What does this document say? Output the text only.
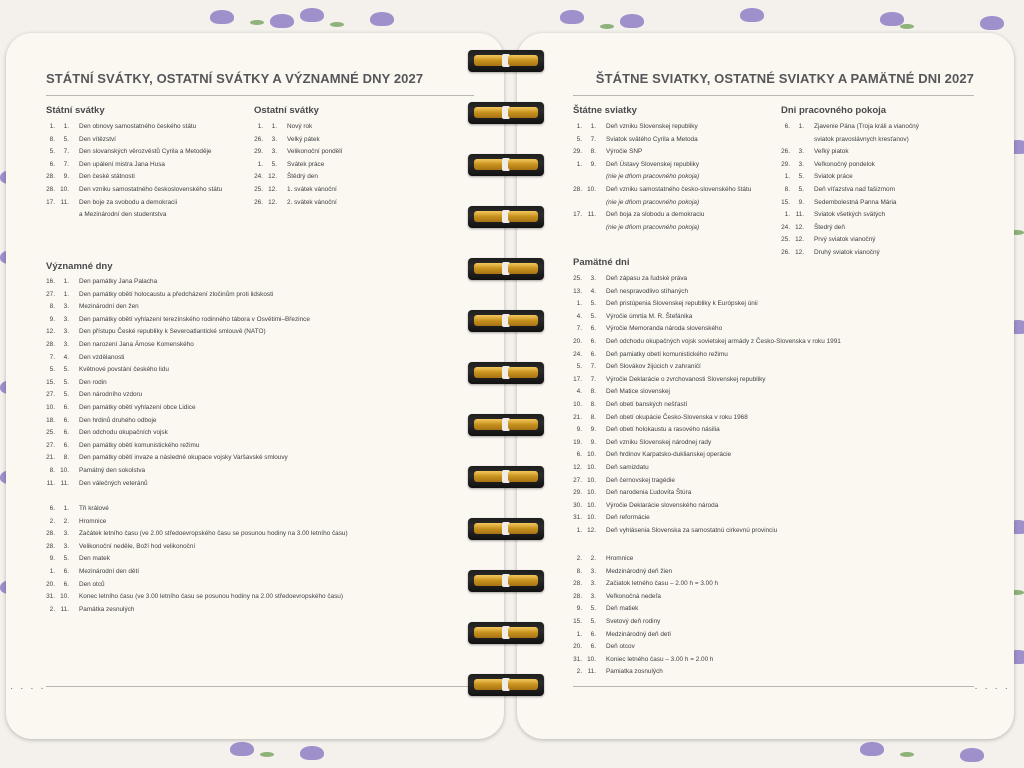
STÁTNÍ SVÁTKY, OSTATNÍ SVÁTKY A VÝZNAMNÉ DNY 2027
Státní svátky
1.	1. Den obnovy samostatného českého státu
8.	5. Den vítězství
5.	7. Den slovanských věrozvěstů Cyrila a Metoděje
6.	7. Den upálení mistra Jana Husa
28.	9. Den české státnosti
28. 10. Den vzniku samostatného československého státu
17. 11. Den boje za svobodu a demokracii
a Mezinárodní den studentstva
Ostatní svátky
1.	1. Nový rok
26.	3. Velký pátek
29.	3. Velikonoční pondělí
1.	5. Svátek práce
24. 12. Štědrý den
25. 12. 1. svátek vánoční
26. 12. 2. svátek vánoční
Významné dny
16.	1. Den památky Jana Palacha
27.	1. Den památky obětí holocaustu a předcházení zločinům proti lidskosti
8.	3. Mezinárodní den žen
9.	3. Den památky obětí vyhlazení terezínského rodinného tábora v Osvětimi–Březince
12.	3. Den přístupu České republiky k Severoatlantické smlouvě (NATO)
28.	3. Den narození Jana Ámose Komenského
7.	4. Den vzdělanosti
5.	5. Květnové povstání českého lidu
15.	5. Den rodin
27.	5. Den národního vzdoru
10.	6. Den památky obětí vyhlazení obce Lidice
18.	6. Den hrdinů druhého odboje
25.	6. Den odchodu okupačních vojsk
27.	6. Den památky obětí komunistického režimu
21.	8. Den památky obětí invaze a následné okupace vojsky Varšavské smlouvy
8. 10. Památný den sokolstva
11. 11. Den válečných veteránů
6.	1. Tři králové
2.	2. Hromnice
28.	3. Začátek letního času (ve 2.00 středoevropského času se posunou hodiny na 3.00 letního času)
28.	3. Velikonoční neděle, Boží hod velikonoční
9.	5. Den matek
1.	6. Mezinárodní den dětí
20.	6. Den otců
31. 10. Konec letního času (ve 3.00 letního času se posunou hodiny na 2.00 středoevropského času)
2. 11. Památka zesnulých
· · · ·
ŠTÁTNE SVIATKY, OSTATNÉ SVIATKY A PAMÄTNÉ DNI 2027
Štátne sviatky
1.	1. Deň vzniku Slovenskej republiky
5.	7. Sviatok svätého Cyrila a Metoda
29.	8. Výročie SNP
1.	9. Deň Ústavy Slovenskej republiky
(nie je dňom pracovného pokoja)
28. 10. Deň vzniku samostatného česko-slovenského štátu
(nie je dňom pracovného pokoja)
17. 11. Deň boja za slobodu a demokraciu
(nie je dňom pracovného pokoja)
Dni pracovného pokoja
6.	1. Zjavenie Pána (Troja králi a vianočný
sviatok pravoslávnych kresťanov)
26.	3. Veľký piatok
29.	3. Veľkonočný pondelok
1.	5. Sviatok práce
8.	5. Deň víťazstva nad fašizmom
15.	9. Sedembolestná Panna Mária
1. 11. Sviatok všetkých svätých
24. 12. Štedrý deň
25. 12. Prvý sviatok vianočný
26. 12. Druhý sviatok vianočný
Pamätné dni
25.	3. Deň zápasu za ľudské práva
13.	4. Deň nespravodlivo stíhaných
1.	5. Deň pristúpenia Slovenskej republiky k Európskej únii
4.	5. Výročie úmrtia M. R. Štefánika
7.	6. Výročie Memoranda národa slovenského
20.	6. Deň odchodu okupačných vojsk sovietskej armády z Česko-Slovenska v roku 1991
24.	6. Deň pamiatky obetí komunistického režimu
5.	7. Deň Slovákov žijúcich v zahraničí
17.	7. Výročie Deklarácie o zvrchovanosti Slovenskej republiky
4.	8. Deň Matice slovenskej
10.	8. Deň obetí banských nešťastí
21.	8. Deň obetí okupácie Česko-Slovenska v roku 1968
9.	9. Deň obetí holokaustu a rasového násilia
19.	9. Deň vzniku Slovenskej národnej rady
6. 10. Deň hrdinov Karpatsko-duklianskej operácie
12. 10. Deň samizdatu
27. 10. Deň černovskej tragédie
29. 10. Deň narodenia Ľudovíta Štúra
30. 10. Výročie Deklarácie slovenského národa
31. 10. Deň reformácie
1. 12. Deň vyhlásenia Slovenska za samostatnú cirkevnú provinciu
2.	2. Hromnice
8.	3. Medzinárodný deň žien
28.	3. Začiatok letného času – 2.00 h = 3.00 h
28.	3. Veľkonočná nedeľa
9.	5. Deň matiek
15.	5. Svetový deň rodiny
1.	6. Medzinárodný deň detí
20.	6. Deň otcov
31. 10. Koniec letného času – 3.00 h = 2.00 h
2. 11. Pamiatka zosnulých
· · · ·
